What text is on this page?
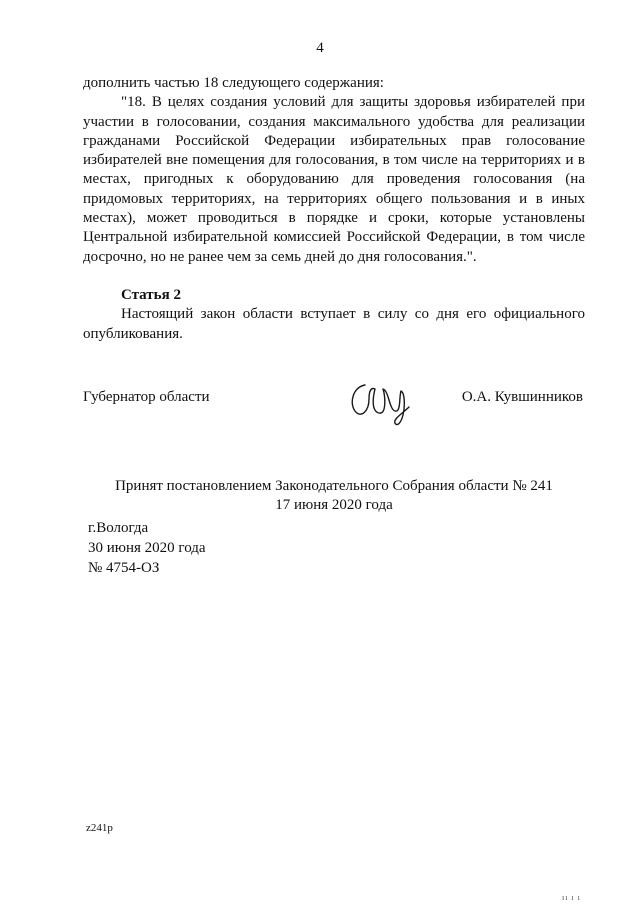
4

дополнить частью 18 следующего содержания:

"18. В целях создания условий для защиты здоровья избирателей при участии в голосовании, создания максимального удобства для реализации гражданами Российской Федерации избирательных прав голосование избирателей вне помещения для голосования, в том числе на территориях и в местах, пригодных к оборудованию для проведения голосования (на придомовых территориях, на территориях общего пользования и в иных местах), может проводиться в порядке и сроки, которые установлены Центральной избирательной комиссией Российской Федерации, в том числе досрочно, но не ранее чем за семь дней до дня голосования.".

Статья 2

Настоящий закон области вступает в силу со дня его официального опубликования.

Губернатор области	О.А. Кувшинников
Принят постановлением Законодательного Собрания области № 241
17 июня 2020 года
г.Вологда
30 июня 2020 года
№ 4754-ОЗ
z241p
ıı ı ı
